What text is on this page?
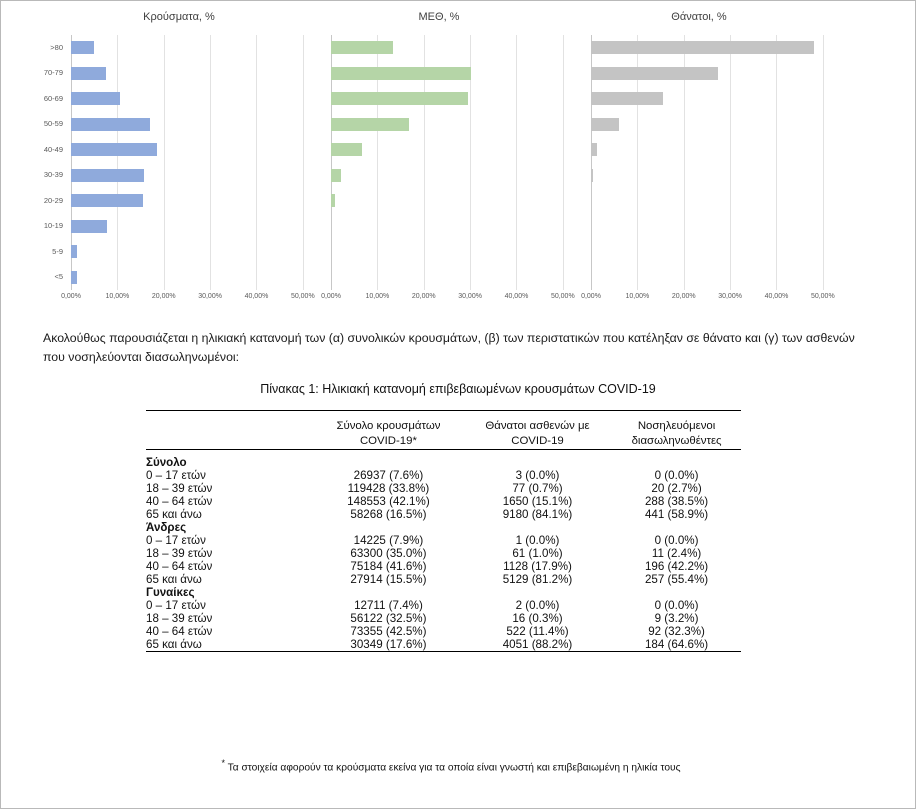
Κρούσματα, %	ΜΕΘ, %	Θάνατοι, %
>80
70-79
60-69
50-59
40-49
30-39
20-29
10-19
5-9
<5
0,00%	10,00%	20,00%	30,00%	40,00%	50,00% 0,00%	10,00%	20,00%	30,00%	40,00%	50,00% 0,00%	10,00%	20,00%	30,00%	40,00%	50,00%
Ακολούθως παρουσιάζεται η ηλικιακή κατανομή των (α) συνολικών κρουσμάτων, (β) των περιστατικών που κατέληξαν σε θάνατο και (γ) των ασθενών που νοσηλεύονται διασωληνωμένοι:
Πίνακας 1: Ηλικιακή κατανομή επιβεβαιωμένων κρουσμάτων COVID-19

Σύνολο κρουσμάτων
COVID-19*

Θάνατοι ασθενών με
COVID-19

Νοσηλευόμενοι
διασωληνωθέντες

Σύνολο			
0 – 17 ετών	26937 (7.6%)	3 (0.0%)	0 (0.0%)
18 – 39 ετών	119428 (33.8%)	77 (0.7%)	20 (2.7%)
40 – 64 ετών	148553 (42.1%)	1650 (15.1%)	288 (38.5%)
65 και άνω	58268 (16.5%)	9180 (84.1%)	441 (58.9%)
Άνδρες			
0 – 17 ετών	14225 (7.9%)	1 (0.0%)	0 (0.0%)
18 – 39 ετών	63300 (35.0%)	61 (1.0%)	11 (2.4%)
40 – 64 ετών	75184 (41.6%)	1128 (17.9%)	196 (42.2%)
65 και άνω	27914 (15.5%)	5129 (81.2%)	257 (55.4%)
Γυναίκες			
0 – 17 ετών	12711 (7.4%)	2 (0.0%)	0 (0.0%)
18 – 39 ετών	56122 (32.5%)	16 (0.3%)	9 (3.2%)
40 – 64 ετών	73355 (42.5%)	522 (11.4%)	92 (32.3%)
65 και άνω	30349 (17.6%)	4051 (88.2%)	184 (64.6%)

* Τα στοιχεία αφορούν τα κρούσματα εκείνα για τα οποία είναι γνωστή και επιβεβαιωμένη η ηλικία τους
